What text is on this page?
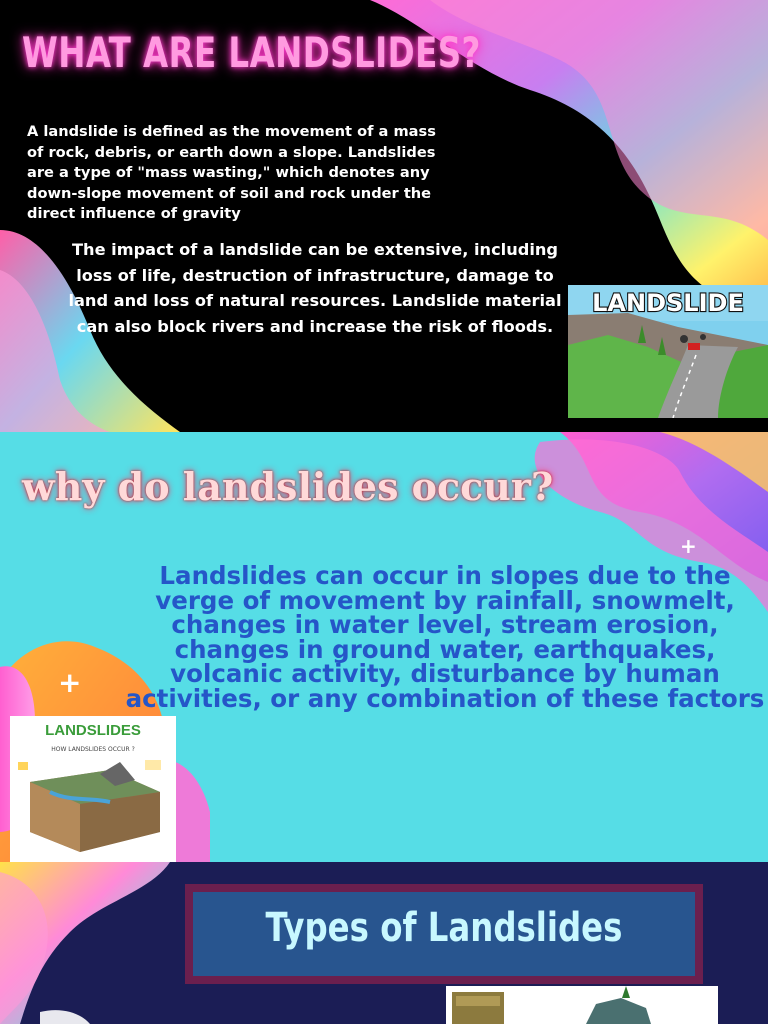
WHAT ARE LANDSLIDES?

A landslide is defined as the movement of a mass of rock, debris, or earth down a slope. Landslides are a type of "mass wasting," which denotes any down-slope movement of soil and rock under the direct influence of gravity

The impact of a landslide can be extensive, including loss of life, destruction of infrastructure, damage to land and loss of natural resources. Landslide material can also block rivers and increase the risk of floods.

LANDSLIDE
why do landslides occur?

Landslides can occur in slopes due to the verge of movement by rainfall, snowmelt, changes in water level, stream erosion, changes in ground water, earthquakes, volcanic activity, disturbance by human activities, or any combination of these factors

+
+
LANDSLIDES
HOW LANDSLIDES OCCUR ?
Types of Landslides
